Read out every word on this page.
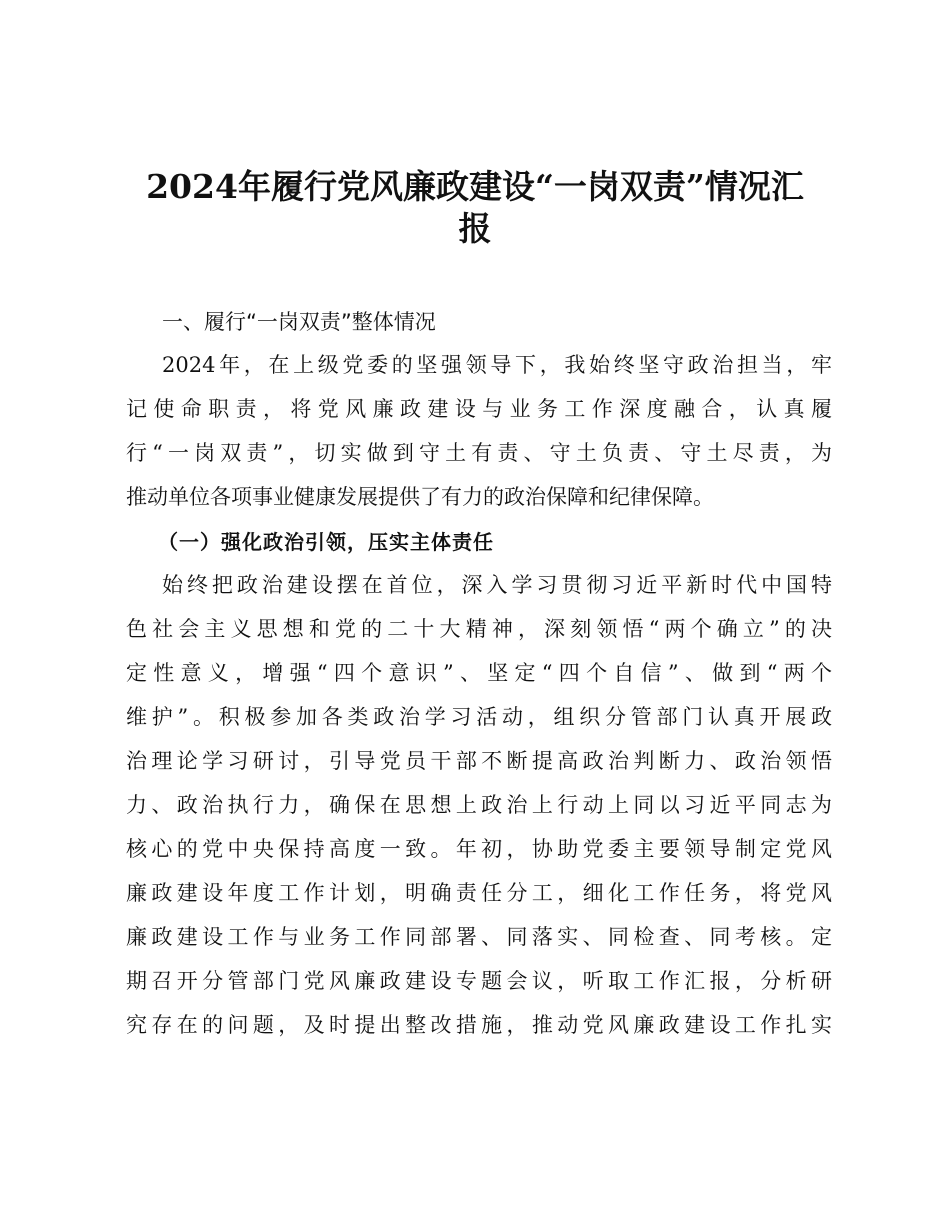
2024年履行党风廉政建设“一岗双责”情况汇
报
一、履行“一岗双责”整体情况
2024年，在上级党委的坚强领导下，我始终坚守政治担当，牢
记使命职责，将党风廉政建设与业务工作深度融合，认真履
行“一岗双责”，切实做到守土有责、守土负责、守土尽责，为
推动单位各项事业健康发展提供了有力的政治保障和纪律保障。
（一）强化政治引领，压实主体责任
始终把政治建设摆在首位，深入学习贯彻习近平新时代中国特
色社会主义思想和党的二十大精神，深刻领悟“两个确立”的决
定性意义，增强“四个意识”、坚定“四个自信”、做到“两个
维护”。积极参加各类政治学习活动，组织分管部门认真开展政
治理论学习研讨，引导党员干部不断提高政治判断力、政治领悟
力、政治执行力，确保在思想上政治上行动上同以习近平同志为
核心的党中央保持高度一致。年初，协助党委主要领导制定党风
廉政建设年度工作计划，明确责任分工，细化工作任务，将党风
廉政建设工作与业务工作同部署、同落实、同检查、同考核。定
期召开分管部门党风廉政建设专题会议，听取工作汇报，分析研
究存在的问题，及时提出整改措施，推动党风廉政建设工作扎实
